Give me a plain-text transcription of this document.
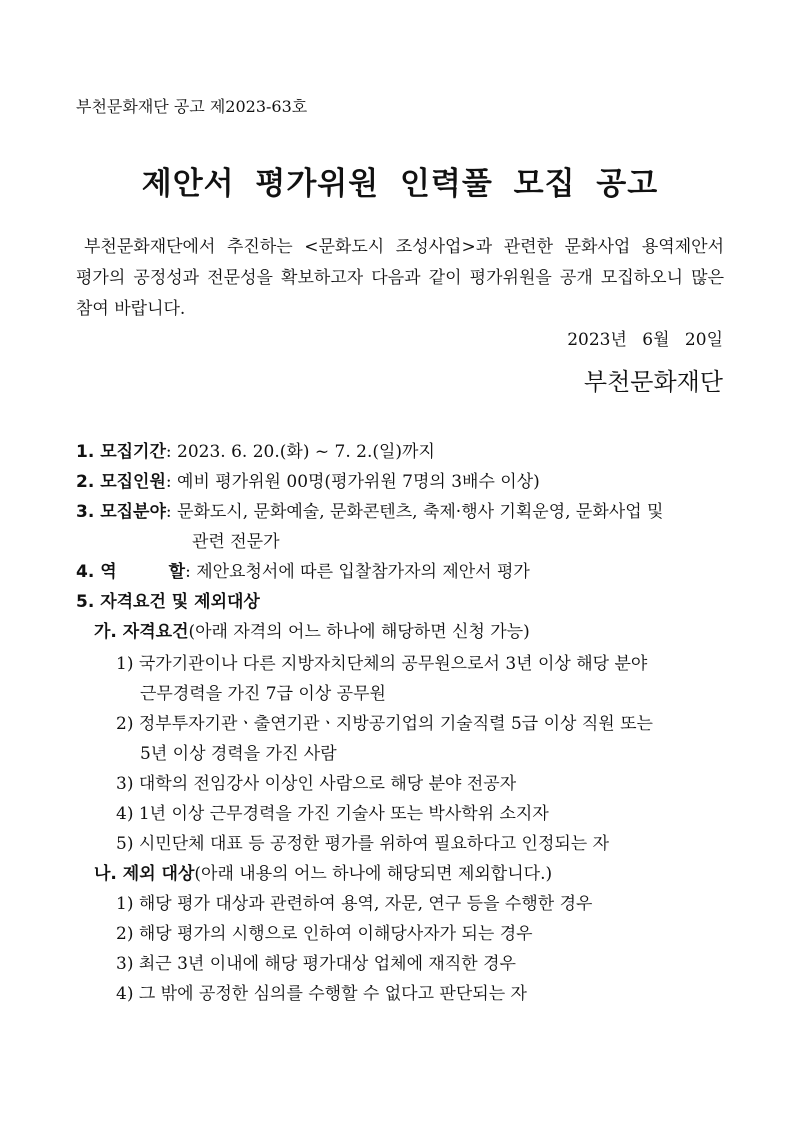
부천문화재단 공고 제2023-63호
제안서 평가위원 인력풀 모집 공고
부천문화재단에서 추진하는 <문화도시 조성사업>과 관련한 문화사업 용역제안서 평가의 공정성과 전문성을 확보하고자 다음과 같이 평가위원을 공개 모집하오니 많은 참여 바랍니다.
2023년 6월 20일
부천문화재단
1. 모집기간: 2023. 6. 20.(화) ~ 7. 2.(일)까지
2. 모집인원: 예비 평가위원 00명(평가위원 7명의 3배수 이상)
3. 모집분야: 문화도시, 문화예술, 문화콘텐츠, 축제·행사 기획운영, 문화사업 및
관련 전문가
4. 역	할: 제안요청서에 따른 입찰참가자의 제안서 평가
5. 자격요건 및 제외대상
가. 자격요건(아래 자격의 어느 하나에 해당하면 신청 가능)
1) 국가기관이나 다른 지방자치단체의 공무원으로서 3년 이상 해당 분야
근무경력을 가진 7급 이상 공무원
2) 정부투자기관ㆍ출연기관ㆍ지방공기업의 기술직렬 5급 이상 직원 또는
5년 이상 경력을 가진 사람
3) 대학의 전임강사 이상인 사람으로 해당 분야 전공자
4) 1년 이상 근무경력을 가진 기술사 또는 박사학위 소지자
5) 시민단체 대표 등 공정한 평가를 위하여 필요하다고 인정되는 자
나. 제외 대상(아래 내용의 어느 하나에 해당되면 제외합니다.)
1) 해당 평가 대상과 관련하여 용역, 자문, 연구 등을 수행한 경우
2) 해당 평가의 시행으로 인하여 이해당사자가 되는 경우
3) 최근 3년 이내에 해당 평가대상 업체에 재직한 경우
4) 그 밖에 공정한 심의를 수행할 수 없다고 판단되는 자
